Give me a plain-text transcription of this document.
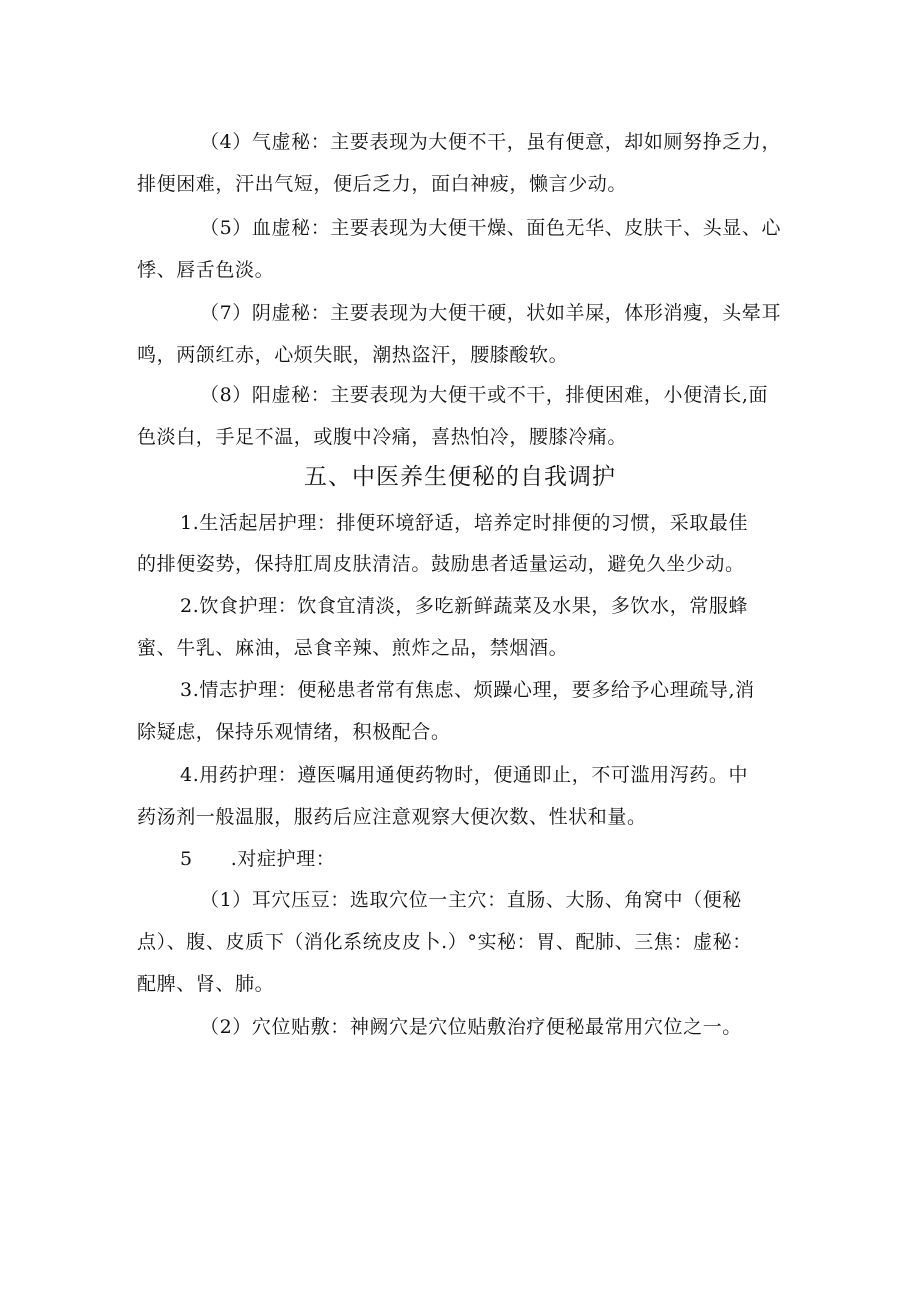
（4）气虚秘：主要表现为大便不干，虽有便意，却如厕努挣乏力，
排便困难，汗出气短，便后乏力，面白神疲，懒言少动。
（5）血虚秘：主要表现为大便干燥、面色无华、皮肤干、头显、心
悸、唇舌色淡。
（7）阴虚秘：主要表现为大便干硬，状如羊屎，体形消瘦，头晕耳
鸣，两颌红赤，心烦失眠，潮热盗汗，腰膝酸软。
（8）阳虚秘：主要表现为大便干或不干，排便困难，小便清长,面
色淡白，手足不温，或腹中冷痛，喜热怕冷，腰膝冷痛。
五、中医养生便秘的自我调护
1.生活起居护理：排便环境舒适，培养定时排便的习惯，采取最佳
的排便姿势，保持肛周皮肤清洁。鼓励患者适量运动，避免久坐少动。
2.饮食护理：饮食宜清淡，多吃新鲜蔬菜及水果，多饮水，常服蜂
蜜、牛乳、麻油，忌食辛辣、煎炸之品，禁烟酒。
3.情志护理：便秘患者常有焦虑、烦躁心理，要多给予心理疏导,消
除疑虑，保持乐观情绪，积极配合。
4.用药护理：遵医嘱用通便药物时，便通即止，不可滥用泻药。中
药汤剂一般温服，服药后应注意观察大便次数、性状和量。
5 .对症护理：
（1）耳穴压豆：选取穴位一主穴：直肠、大肠、角窝中（便秘
点）、腹、皮质下（消化系统皮皮卜.）°实秘：胃、配肺、三焦：虚秘：
配脾、肾、肺。
（2）穴位贴敷：神阙穴是穴位贴敷治疗便秘最常用穴位之一。
